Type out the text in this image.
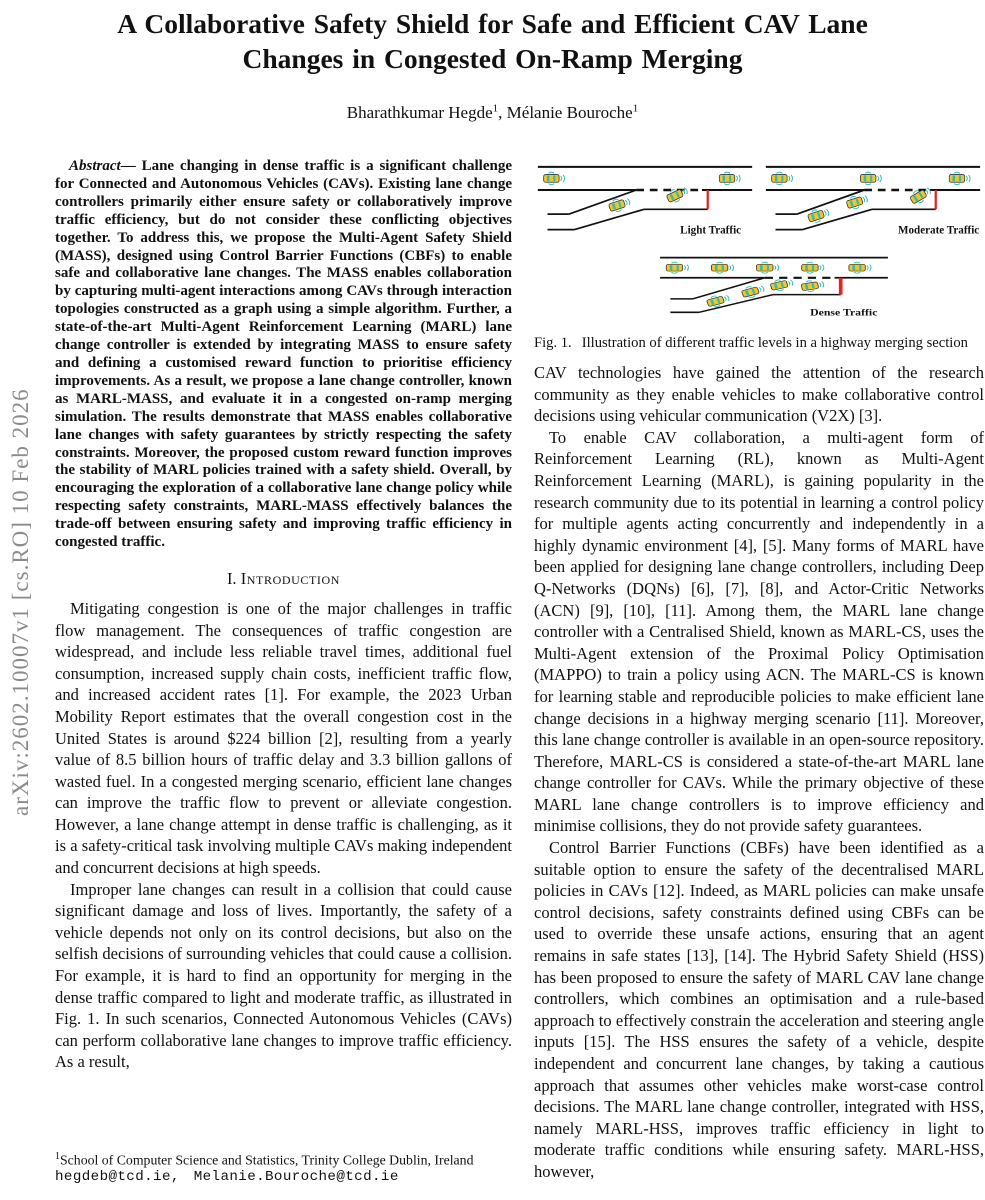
arXiv:2602.10007v1 [cs.RO] 10 Feb 2026
A Collaborative Safety Shield for Safe and Efficient CAV Lane Changes in Congested On-Ramp Merging
Bharathkumar Hegde$^1$, Mélanie Bouroche$^1$

Abstract— Lane changing in dense traffic is a significant challenge for Connected and Autonomous Vehicles (CAVs). Existing lane change controllers primarily either ensure safety or collaboratively improve traffic efficiency, but do not consider these conflicting objectives together. To address this, we propose the Multi-Agent Safety Shield (MASS), designed using Control Barrier Functions (CBFs) to enable safe and collaborative lane changes. The MASS enables collaboration by capturing multi-agent interactions among CAVs through interaction topologies constructed as a graph using a simple algorithm. Further, a state-of-the-art Multi-Agent Reinforcement Learning (MARL) lane change controller is extended by integrating MASS to ensure safety and defining a customised reward function to prioritise efficiency improvements. As a result, we propose a lane change controller, known as MARL-MASS, and evaluate it in a congested on-ramp merging simulation. The results demonstrate that MASS enables collaborative lane changes with safety guarantees by strictly respecting the safety constraints. Moreover, the proposed custom reward function improves the stability of MARL policies trained with a safety shield. Overall, by encouraging the exploration of a collaborative lane change policy while respecting safety constraints, MARL-MASS effectively balances the trade-off between ensuring safety and improving traffic efficiency in congested traffic.

I. Introduction

Mitigating congestion is one of the major challenges in traffic flow management. The consequences of traffic congestion are widespread, and include less reliable travel times, additional fuel consumption, increased supply chain costs, inefficient traffic flow, and increased accident rates [1]. For example, the 2023 Urban Mobility Report estimates that the overall congestion cost in the United States is around $224 billion [2], resulting from a yearly value of 8.5 billion hours of traffic delay and 3.3 billion gallons of wasted fuel. In a congested merging scenario, efficient lane changes can improve the traffic flow to prevent or alleviate congestion. However, a lane change attempt in dense traffic is challenging, as it is a safety-critical task involving multiple CAVs making independent and concurrent decisions at high speeds.

Improper lane changes can result in a collision that could cause significant damage and loss of lives. Importantly, the safety of a vehicle depends not only on its control decisions, but also on the selfish decisions of surrounding vehicles that could cause a collision. For example, it is hard to find an opportunity for merging in the dense traffic compared to light and moderate traffic, as illustrated in Fig. 1. In such scenarios, Connected Autonomous Vehicles (CAVs) can perform collaborative lane changes to improve traffic efficiency. As a result,

$^1$School of Computer Science and Statistics, Trinity College Dublin, Ireland
hegdeb@tcd.ie, Melanie.Bouroche@tcd.ie
Light Traffic	Moderate Traffic
Dense Traffic
Fig. 1. Illustration of different traffic levels in a highway merging section

CAV technologies have gained the attention of the research community as they enable vehicles to make collaborative control decisions using vehicular communication (V2X) [3].

To enable CAV collaboration, a multi-agent form of Reinforcement Learning (RL), known as Multi-Agent Reinforcement Learning (MARL), is gaining popularity in the research community due to its potential in learning a control policy for multiple agents acting concurrently and independently in a highly dynamic environment [4], [5]. Many forms of MARL have been applied for designing lane change controllers, including Deep Q-Networks (DQNs) [6], [7], [8], and Actor-Critic Networks (ACN) [9], [10], [11]. Among them, the MARL lane change controller with a Centralised Shield, known as MARL-CS, uses the Multi-Agent extension of the Proximal Policy Optimisation (MAPPO) to train a policy using ACN. The MARL-CS is known for learning stable and reproducible policies to make efficient lane change decisions in a highway merging scenario [11]. Moreover, this lane change controller is available in an open-source repository. Therefore, MARL-CS is considered a state-of-the-art MARL lane change controller for CAVs. While the primary objective of these MARL lane change controllers is to improve efficiency and minimise collisions, they do not provide safety guarantees.

Control Barrier Functions (CBFs) have been identified as a suitable option to ensure the safety of the decentralised MARL policies in CAVs [12]. Indeed, as MARL policies can make unsafe control decisions, safety constraints defined using CBFs can be used to override these unsafe actions, ensuring that an agent remains in safe states [13], [14]. The Hybrid Safety Shield (HSS) has been proposed to ensure the safety of MARL CAV lane change controllers, which combines an optimisation and a rule-based approach to effectively constrain the acceleration and steering angle inputs [15]. The HSS ensures the safety of a vehicle, despite independent and concurrent lane changes, by taking a cautious approach that assumes other vehicles make worst-case control decisions. The MARL lane change controller, integrated with HSS, namely MARL-HSS, improves traffic efficiency in light to moderate traffic conditions while ensuring safety. MARL-HSS, however,
